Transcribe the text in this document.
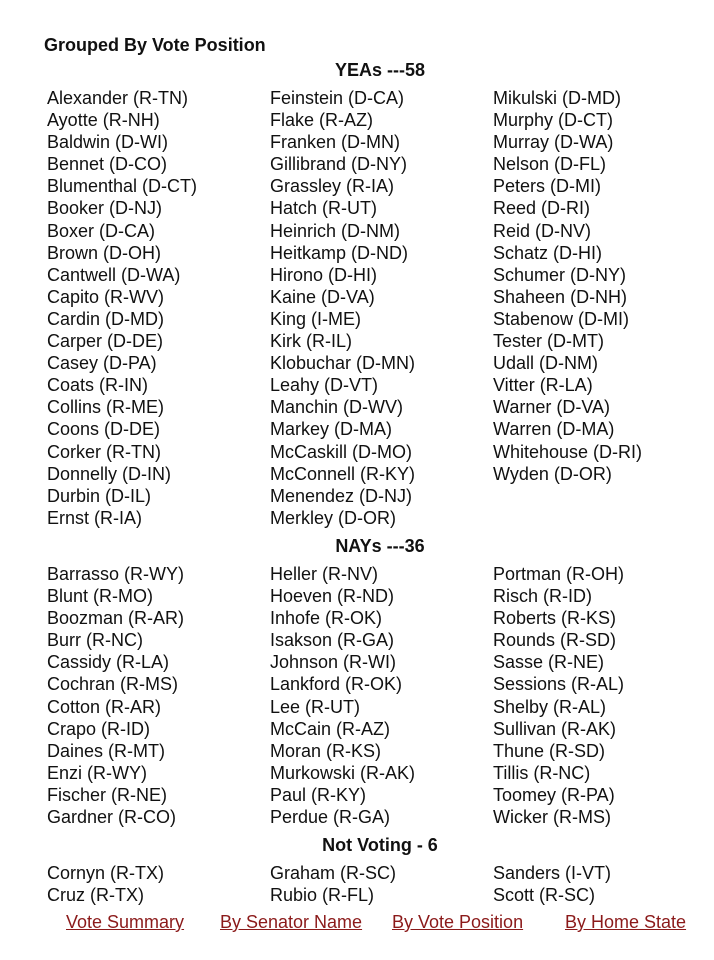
Grouped By Vote Position
YEAs ---58
Alexander (R-TN)
Ayotte (R-NH)
Baldwin (D-WI)
Bennet (D-CO)
Blumenthal (D-CT)
Booker (D-NJ)
Boxer (D-CA)
Brown (D-OH)
Cantwell (D-WA)
Capito (R-WV)
Cardin (D-MD)
Carper (D-DE)
Casey (D-PA)
Coats (R-IN)
Collins (R-ME)
Coons (D-DE)
Corker (R-TN)
Donnelly (D-IN)
Durbin (D-IL)
Ernst (R-IA)
Feinstein (D-CA)
Flake (R-AZ)
Franken (D-MN)
Gillibrand (D-NY)
Grassley (R-IA)
Hatch (R-UT)
Heinrich (D-NM)
Heitkamp (D-ND)
Hirono (D-HI)
Kaine (D-VA)
King (I-ME)
Kirk (R-IL)
Klobuchar (D-MN)
Leahy (D-VT)
Manchin (D-WV)
Markey (D-MA)
McCaskill (D-MO)
McConnell (R-KY)
Menendez (D-NJ)
Merkley (D-OR)
Mikulski (D-MD)
Murphy (D-CT)
Murray (D-WA)
Nelson (D-FL)
Peters (D-MI)
Reed (D-RI)
Reid (D-NV)
Schatz (D-HI)
Schumer (D-NY)
Shaheen (D-NH)
Stabenow (D-MI)
Tester (D-MT)
Udall (D-NM)
Vitter (R-LA)
Warner (D-VA)
Warren (D-MA)
Whitehouse (D-RI)
Wyden (D-OR)
NAYs ---36
Barrasso (R-WY)
Blunt (R-MO)
Boozman (R-AR)
Burr (R-NC)
Cassidy (R-LA)
Cochran (R-MS)
Cotton (R-AR)
Crapo (R-ID)
Daines (R-MT)
Enzi (R-WY)
Fischer (R-NE)
Gardner (R-CO)
Heller (R-NV)
Hoeven (R-ND)
Inhofe (R-OK)
Isakson (R-GA)
Johnson (R-WI)
Lankford (R-OK)
Lee (R-UT)
McCain (R-AZ)
Moran (R-KS)
Murkowski (R-AK)
Paul (R-KY)
Perdue (R-GA)
Portman (R-OH)
Risch (R-ID)
Roberts (R-KS)
Rounds (R-SD)
Sasse (R-NE)
Sessions (R-AL)
Shelby (R-AL)
Sullivan (R-AK)
Thune (R-SD)
Tillis (R-NC)
Toomey (R-PA)
Wicker (R-MS)
Not Voting - 6
Cornyn (R-TX)
Cruz (R-TX)
Graham (R-SC)
Rubio (R-FL)
Sanders (I-VT)
Scott (R-SC)
Vote Summary By Senator Name By Vote Position By Home State
